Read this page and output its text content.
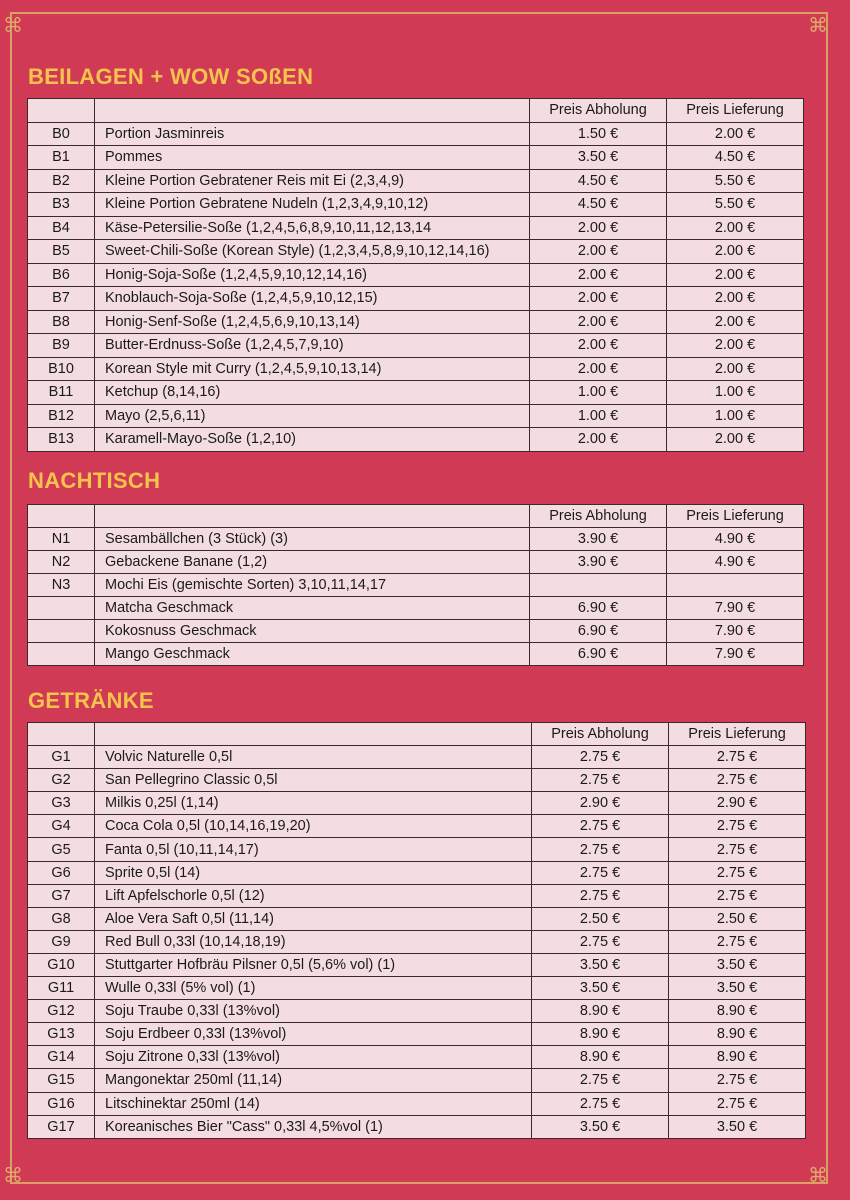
⌘	⌘
⌘	⌘
BEILAGEN + WOW SOßEN
		Preis Abholung	Preis Lieferung
B0	Portion Jasminreis	1.50 €	2.00 €
B1	Pommes	3.50 €	4.50 €
B2	Kleine Portion Gebratener Reis mit Ei (2,3,4,9)	4.50 €	5.50 €
B3	Kleine Portion Gebratene Nudeln (1,2,3,4,9,10,12)	4.50 €	5.50 €
B4	Käse-Petersilie-Soße (1,2,4,5,6,8,9,10,11,12,13,14	2.00 €	2.00 €
B5	Sweet-Chili-Soße (Korean Style) (1,2,3,4,5,8,9,10,12,14,16)	2.00 €	2.00 €
B6	Honig-Soja-Soße (1,2,4,5,9,10,12,14,16)	2.00 €	2.00 €
B7	Knoblauch-Soja-Soße (1,2,4,5,9,10,12,15)	2.00 €	2.00 €
B8	Honig-Senf-Soße (1,2,4,5,6,9,10,13,14)	2.00 €	2.00 €
B9	Butter-Erdnuss-Soße (1,2,4,5,7,9,10)	2.00 €	2.00 €
B10	Korean Style mit Curry (1,2,4,5,9,10,13,14)	2.00 €	2.00 €
B11	Ketchup (8,14,16)	1.00 €	1.00 €
B12	Mayo (2,5,6,11)	1.00 €	1.00 €
B13	Karamell-Mayo-Soße (1,2,10)	2.00 €	2.00 €
NACHTISCH
		Preis Abholung	Preis Lieferung
N1	Sesambällchen (3 Stück) (3)	3.90 €	4.90 €
N2	Gebackene Banane (1,2)	3.90 €	4.90 €
N3	Mochi Eis (gemischte Sorten) 3,10,11,14,17		
	Matcha Geschmack	6.90 €	7.90 €
	Kokosnuss Geschmack	6.90 €	7.90 €
	Mango Geschmack	6.90 €	7.90 €
GETRÄNKE
		Preis Abholung	Preis Lieferung
G1	Volvic Naturelle 0,5l	2.75 €	2.75 €
G2	San Pellegrino Classic 0,5l	2.75 €	2.75 €
G3	Milkis 0,25l (1,14)	2.90 €	2.90 €
G4	Coca Cola 0,5l (10,14,16,19,20)	2.75 €	2.75 €
G5	Fanta 0,5l (10,11,14,17)	2.75 €	2.75 €
G6	Sprite 0,5l (14)	2.75 €	2.75 €
G7	Lift Apfelschorle 0,5l (12)	2.75 €	2.75 €
G8	Aloe Vera Saft 0,5l (11,14)	2.50 €	2.50 €
G9	Red Bull 0,33l (10,14,18,19)	2.75 €	2.75 €
G10	Stuttgarter Hofbräu Pilsner 0,5l (5,6% vol) (1)	3.50 €	3.50 €
G11	Wulle 0,33l (5% vol) (1)	3.50 €	3.50 €
G12	Soju Traube 0,33l (13%vol)	8.90 €	8.90 €
G13	Soju Erdbeer 0,33l (13%vol)	8.90 €	8.90 €
G14	Soju Zitrone 0,33l (13%vol)	8.90 €	8.90 €
G15	Mangonektar 250ml (11,14)	2.75 €	2.75 €
G16	Litschinektar 250ml (14)	2.75 €	2.75 €
G17	Koreanisches Bier "Cass" 0,33l 4,5%vol (1)	3.50 €	3.50 €
